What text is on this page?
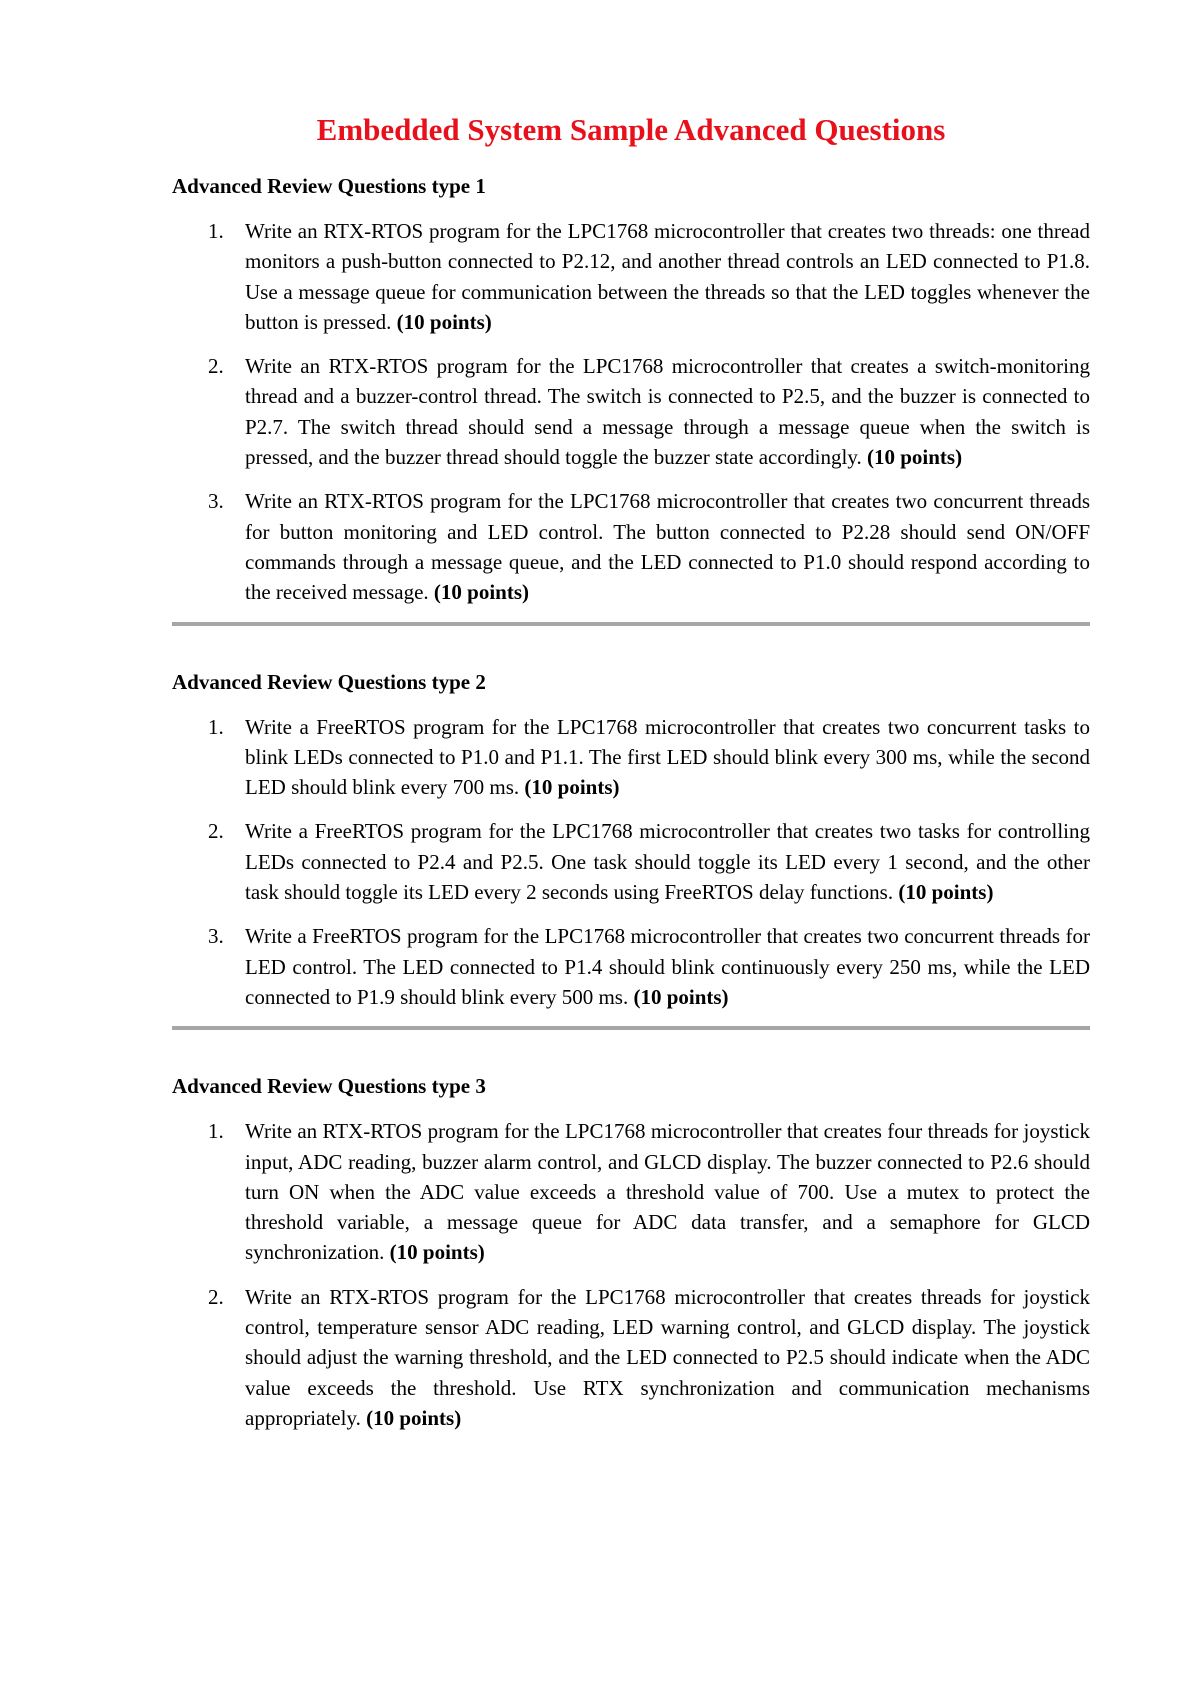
Embedded System Sample Advanced Questions
Advanced Review Questions type 1
1. Write an RTX-RTOS program for the LPC1768 microcontroller that creates two threads: one thread monitors a push-button connected to P2.12, and another thread controls an LED connected to P1.8. Use a message queue for communication between the threads so that the LED toggles whenever the button is pressed. (10 points)
2. Write an RTX-RTOS program for the LPC1768 microcontroller that creates a switch-monitoring thread and a buzzer-control thread. The switch is connected to P2.5, and the buzzer is connected to P2.7. The switch thread should send a message through a message queue when the switch is pressed, and the buzzer thread should toggle the buzzer state accordingly. (10 points)
3. Write an RTX-RTOS program for the LPC1768 microcontroller that creates two concurrent threads for button monitoring and LED control. The button connected to P2.28 should send ON/OFF commands through a message queue, and the LED connected to P1.0 should respond according to the received message. (10 points)
Advanced Review Questions type 2
1. Write a FreeRTOS program for the LPC1768 microcontroller that creates two concurrent tasks to blink LEDs connected to P1.0 and P1.1. The first LED should blink every 300 ms, while the second LED should blink every 700 ms. (10 points)
2. Write a FreeRTOS program for the LPC1768 microcontroller that creates two tasks for controlling LEDs connected to P2.4 and P2.5. One task should toggle its LED every 1 second, and the other task should toggle its LED every 2 seconds using FreeRTOS delay functions. (10 points)
3. Write a FreeRTOS program for the LPC1768 microcontroller that creates two concurrent threads for LED control. The LED connected to P1.4 should blink continuously every 250 ms, while the LED connected to P1.9 should blink every 500 ms. (10 points)
Advanced Review Questions type 3
1. Write an RTX-RTOS program for the LPC1768 microcontroller that creates four threads for joystick input, ADC reading, buzzer alarm control, and GLCD display. The buzzer connected to P2.6 should turn ON when the ADC value exceeds a threshold value of 700. Use a mutex to protect the threshold variable, a message queue for ADC data transfer, and a semaphore for GLCD synchronization. (10 points)
2. Write an RTX-RTOS program for the LPC1768 microcontroller that creates threads for joystick control, temperature sensor ADC reading, LED warning control, and GLCD display. The joystick should adjust the warning threshold, and the LED connected to P2.5 should indicate when the ADC value exceeds the threshold. Use RTX synchronization and communication mechanisms appropriately. (10 points)
